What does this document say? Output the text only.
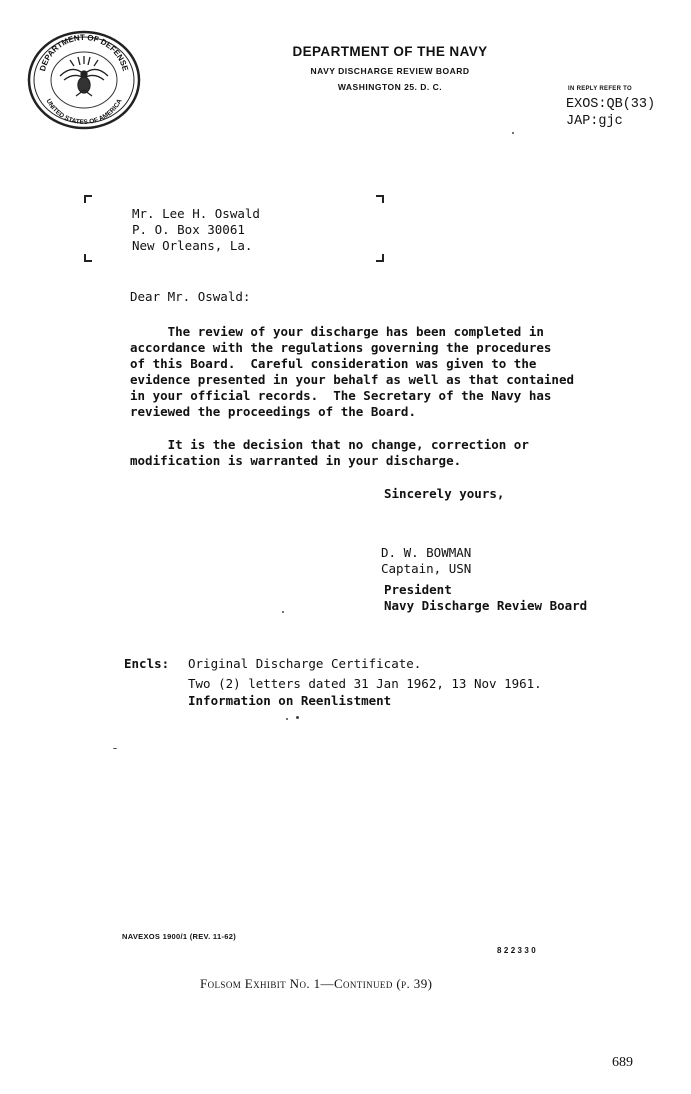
DEPARTMENT OF DEFENSE
UNITED STATES OF AMERICA
DEPARTMENT OF THE NAVY
NAVY DISCHARGE REVIEW BOARD
WASHINGTON 25. D. C.	IN REPLY REFER TO
EXOS:QB(33)
JAP:gjc
Mr. Lee H. Oswald
P. O. Box 30061
New Orleans, La.
Dear Mr. Oswald:
The review of your discharge has been completed in
accordance with the regulations governing the procedures
of this Board.  Careful consideration was given to the
evidence presented in your behalf as well as that contained
in your official records.  The Secretary of the Navy has
reviewed the proceedings of the Board.
It is the decision that no change, correction or
modification is warranted in your discharge.
Sincerely yours,
D. W. BOWMAN
Captain, USN
President
Navy Discharge Review Board
Encls: Original Discharge Certificate.
Two (2) letters dated 31 Jan 1962, 13 Nov 1961.
Information on Reenlistment
NAVEXOS 1900/1 (REV. 11-62)
822330
Folsom Exhibit No. 1—Continued (p. 39)
689
